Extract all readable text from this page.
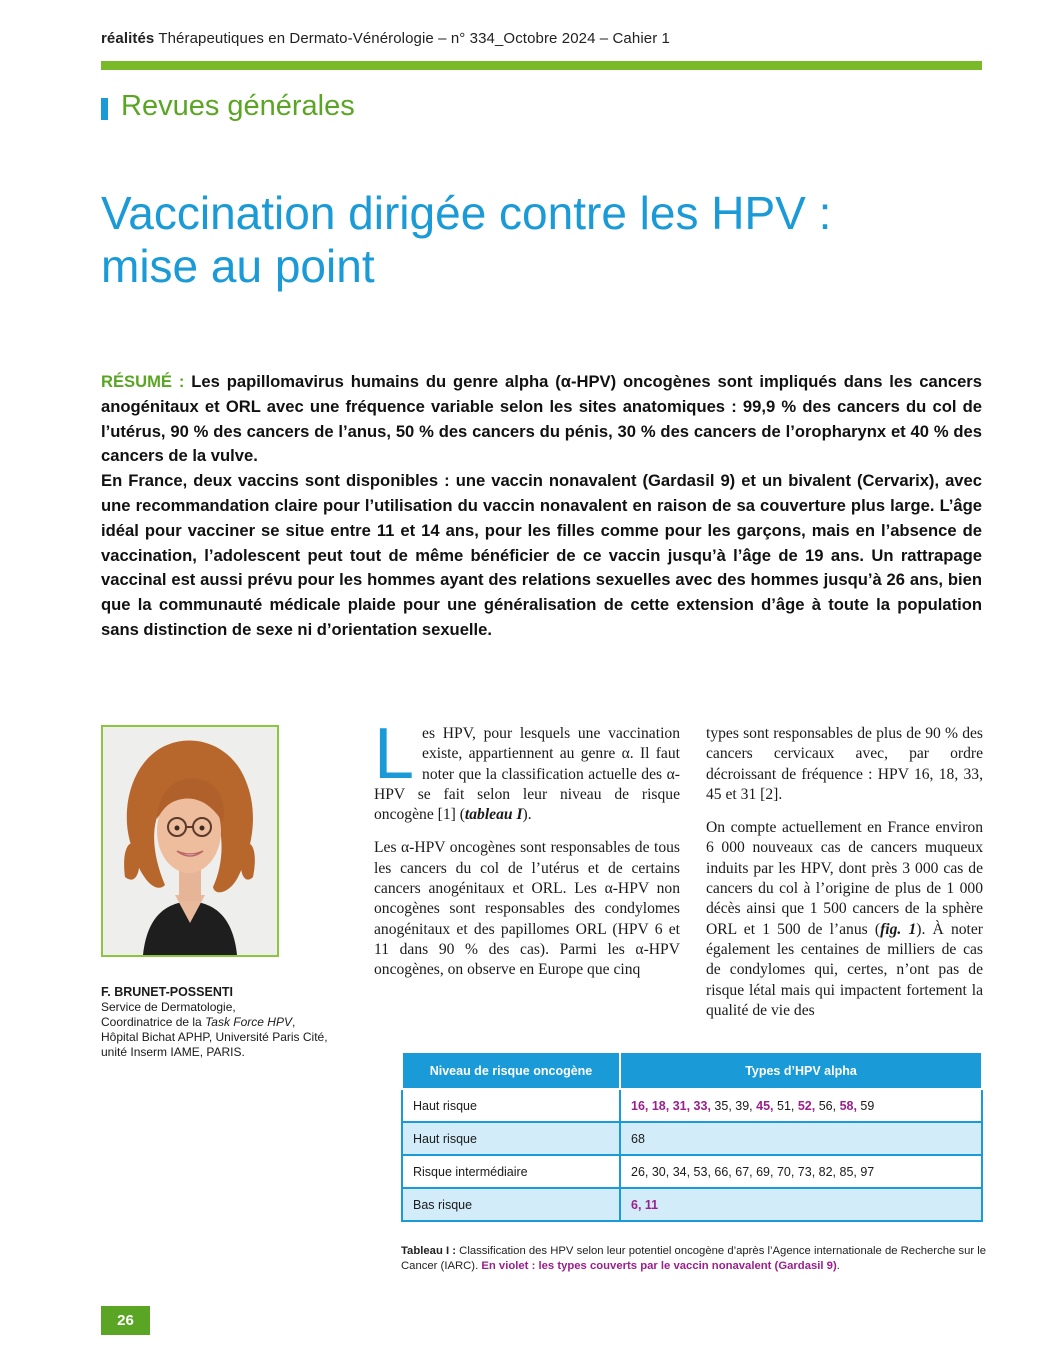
réalités Thérapeutiques en Dermato-Vénérologie – n° 334_Octobre 2024 – Cahier 1
Revues générales
Vaccination dirigée contre les HPV :
mise au point

RÉSUMÉ : Les papillomavirus humains du genre alpha (α-HPV) oncogènes sont impliqués dans les cancers anogénitaux et ORL avec une fréquence variable selon les sites anatomiques : 99,9 % des cancers du col de l’utérus, 90 % des cancers de l’anus, 50 % des cancers du pénis, 30 % des cancers de l’oropharynx et 40 % des cancers de la vulve.

En France, deux vaccins sont disponibles : une vaccin nonavalent (Gardasil 9) et un bivalent (Cervarix), avec une recommandation claire pour l’utilisation du vaccin nonavalent en raison de sa couverture plus large. L’âge idéal pour vacciner se situe entre 11 et 14 ans, pour les filles comme pour les garçons, mais en l’absence de vaccination, l’adolescent peut tout de même bénéficier de ce vaccin jusqu’à l’âge de 19 ans. Un rattrapage vaccinal est aussi prévu pour les hommes ayant des relations sexuelles avec des hommes jusqu’à 26 ans, bien que la communauté médicale plaide pour une généralisation de cette extension d’âge à toute la population sans distinction de sexe ni d’orientation sexuelle.

F. BRUNET-POSSENTI
Service de Dermatologie,
Coordinatrice de la Task Force HPV,
Hôpital Bichat APHP, Université Paris Cité,
unité Inserm IAME, PARIS.

Les HPV, pour lesquels une vaccination existe, appartiennent au genre α. Il faut noter que la classification actuelle des α-HPV se fait selon leur niveau de risque oncogène [1] (tableau I).

Les α-HPV oncogènes sont responsables de tous les cancers du col de l’utérus et de certains cancers anogénitaux et ORL. Les α-HPV non oncogènes sont responsables des condylomes anogénitaux et des papillomes ORL (HPV 6 et 11 dans 90 % des cas). Parmi les α-HPV oncogènes, on observe en Europe que cinq

types sont responsables de plus de 90 % des cancers cervicaux avec, par ordre décroissant de fréquence : HPV 16, 18, 33, 45 et 31 [2].

On compte actuellement en France environ 6 000 nouveaux cas de cancers muqueux induits par les HPV, dont près 3 000 cas de cancers du col à l’origine de plus de 1 000 décès ainsi que 1 500 cancers de la sphère ORL et 1 500 de l’anus (fig. 1). À noter également les centaines de milliers de cas de condylomes qui, certes, n’ont pas de risque létal mais qui impactent fortement la qualité de vie des

Niveau de risque oncogène	Types d’HPV alpha
Haut risque	16, 18, 31, 33, 35, 39, 45, 51, 52, 56, 58, 59
Haut risque	68
Risque intermédiaire	26, 30, 34, 53, 66, 67, 69, 70, 73, 82, 85, 97
Bas risque	6, 11
Tableau I : Classification des HPV selon leur potentiel oncogène d’après l’Agence internationale de Recherche sur le Cancer (IARC). En violet : les types couverts par le vaccin nonavalent (Gardasil 9).
26
